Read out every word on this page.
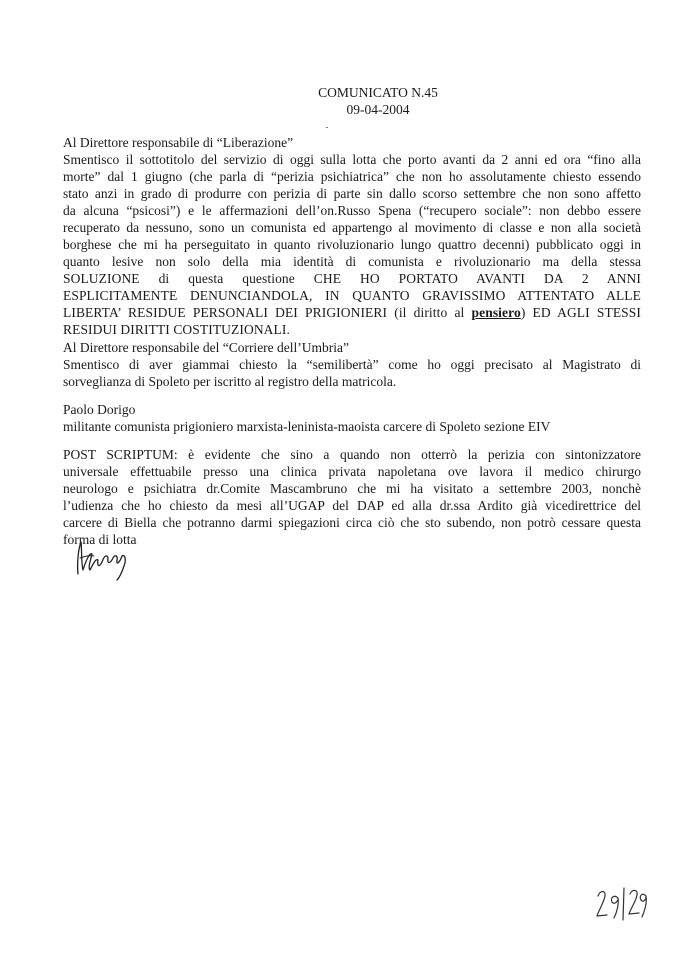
COMUNICATO N.45
09-04-2004
Al Direttore responsabile di “Liberazione”
Smentisco il sottotitolo del servizio di oggi sulla lotta che porto avanti da 2 anni ed ora “fino alla
morte” dal 1 giugno (che parla di “perizia psichiatrica” che non ho assolutamente chiesto essendo
stato anzi in grado di produrre con perizia di parte sin dallo scorso settembre che non sono affetto
da alcuna “psicosi”) e le affermazioni dell’on.Russo Spena (“recupero sociale”: non debbo essere
recuperato da nessuno, sono un comunista ed appartengo al movimento di classe e non alla società
borghese che mi ha perseguitato in quanto rivoluzionario lungo quattro decenni) pubblicato oggi in
quanto lesive non solo della mia identità di comunista e rivoluzionario ma della stessa
SOLUZIONE di questa questione CHE HO PORTATO AVANTI DA 2 ANNI
ESPLICITAMENTE DENUNCIANDOLA, IN QUANTO GRAVISSIMO ATTENTATO ALLE
LIBERTA’ RESIDUE PERSONALI DEI PRIGIONIERI (il diritto al pensiero) ED AGLI STESSI
RESIDUI DIRITTI COSTITUZIONALI.
Al Direttore responsabile del “Corriere dell’Umbria”
Smentisco di aver giammai chiesto la “semilibertà” come ho oggi precisato al Magistrato di
sorveglianza di Spoleto per iscritto al registro della matricola.
Paolo Dorigo
militante comunista prigioniero marxista-leninista-maoista carcere di Spoleto sezione EIV
POST SCRIPTUM: è evidente che sino a quando non otterrò la perizia con sintonizzatore
universale effettuabile presso una clinica privata napoletana ove lavora il medico chirurgo
neurologo e psichiatra dr.Comite Mascambruno che mi ha visitato a settembre 2003, nonchè
l’udienza che ho chiesto da mesi all’UGAP del DAP ed alla dr.ssa Ardito già vicedirettrice del
carcere di Biella che potranno darmi spiegazioni circa ciò che sto subendo, non potrò cessare questa
forma di lotta
